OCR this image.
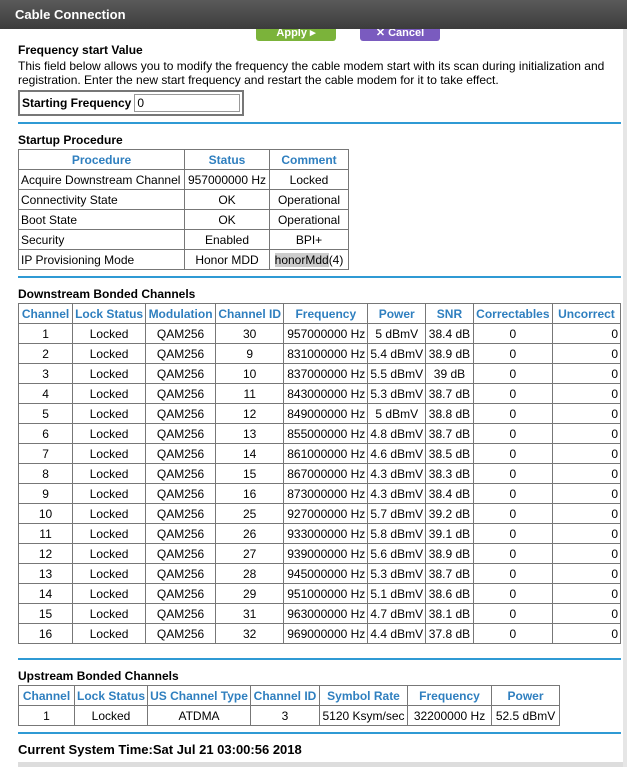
Cable Connection
Apply ▸	✕ Cancel
Frequency start Value

This field below allows you to modify the frequency the cable modem start with its scan during initialization and registration. Enter the new start frequency and restart the cable modem for it to take effect.

Starting Frequency0
Startup Procedure
Procedure	Status	Comment
Acquire Downstream Channel	957000000 Hz	Locked
Connectivity State	OK	Operational
Boot State	OK	Operational
Security	Enabled	BPI+
IP Provisioning Mode	Honor MDD	honorMdd(4)
Downstream Bonded Channels
Channel	Lock Status	Modulation	Channel ID	Frequency	Power	SNR	Correctables	Uncorrect
1	Locked	QAM256	30	957000000 Hz	5 dBmV	38.4 dB	0	0
2	Locked	QAM256	9	831000000 Hz	5.4 dBmV	38.9 dB	0	0
3	Locked	QAM256	10	837000000 Hz	5.5 dBmV	39 dB	0	0
4	Locked	QAM256	11	843000000 Hz	5.3 dBmV	38.7 dB	0	0
5	Locked	QAM256	12	849000000 Hz	5 dBmV	38.8 dB	0	0
6	Locked	QAM256	13	855000000 Hz	4.8 dBmV	38.7 dB	0	0
7	Locked	QAM256	14	861000000 Hz	4.6 dBmV	38.5 dB	0	0
8	Locked	QAM256	15	867000000 Hz	4.3 dBmV	38.3 dB	0	0
9	Locked	QAM256	16	873000000 Hz	4.3 dBmV	38.4 dB	0	0
10	Locked	QAM256	25	927000000 Hz	5.7 dBmV	39.2 dB	0	0
11	Locked	QAM256	26	933000000 Hz	5.8 dBmV	39.1 dB	0	0
12	Locked	QAM256	27	939000000 Hz	5.6 dBmV	38.9 dB	0	0
13	Locked	QAM256	28	945000000 Hz	5.3 dBmV	38.7 dB	0	0
14	Locked	QAM256	29	951000000 Hz	5.1 dBmV	38.6 dB	0	0
15	Locked	QAM256	31	963000000 Hz	4.7 dBmV	38.1 dB	0	0
16	Locked	QAM256	32	969000000 Hz	4.4 dBmV	37.8 dB	0	0
Upstream Bonded Channels
Channel	Lock Status	US Channel Type	Channel ID	Symbol Rate	Frequency	Power
1	Locked	ATDMA	3	5120 Ksym/sec	32200000 Hz	52.5 dBmV
Current System Time:Sat Jul 21 03:00:56 2018
